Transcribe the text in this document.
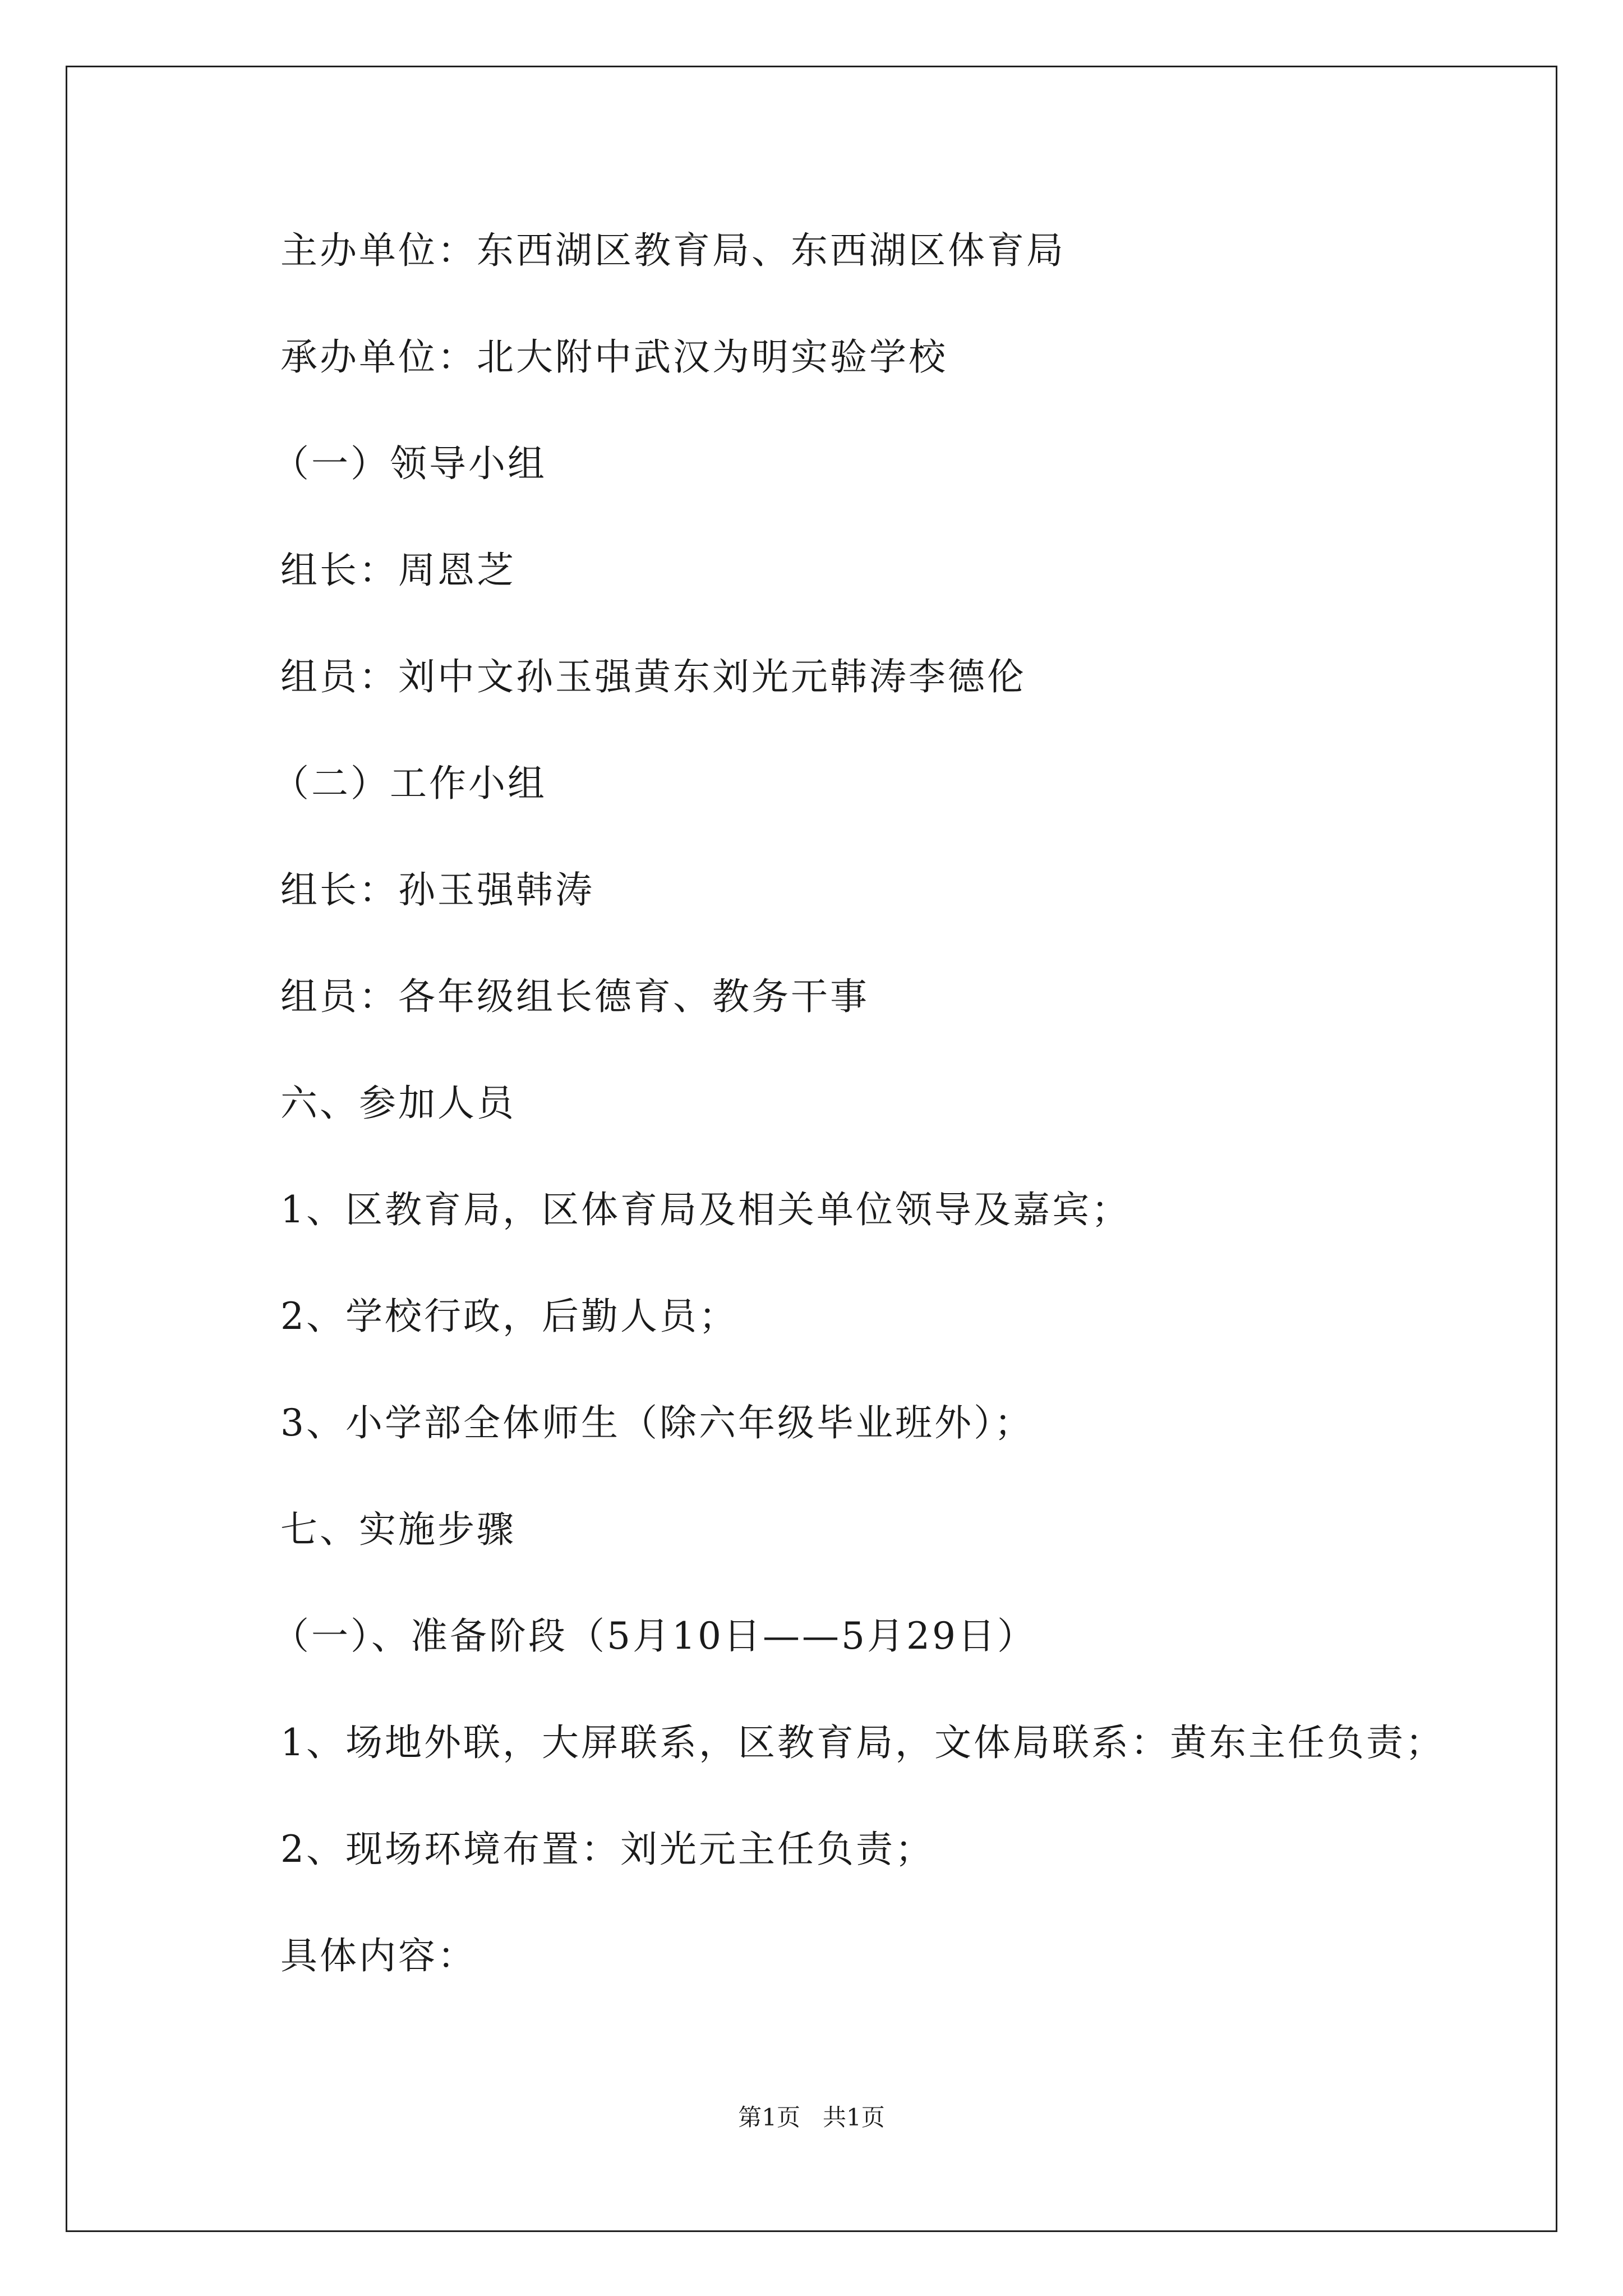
主办单位：东西湖区教育局、东西湖区体育局
承办单位：北大附中武汉为明实验学校
（一）领导小组
组长：周恩芝
组员：刘中文孙玉强黄东刘光元韩涛李德伦
（二）工作小组
组长：孙玉强韩涛
组员：各年级组长德育、教务干事
六、参加人员
1、区教育局，区体育局及相关单位领导及嘉宾；
2、学校行政，后勤人员；
3、小学部全体师生（除六年级毕业班外）；
七、实施步骤
（一）、准备阶段（5月10日——5月29日）
1、场地外联，大屏联系，区教育局，文体局联系：黄东主任负责；
2、现场环境布置：刘光元主任负责；
具体内容：
第1页   共1页
